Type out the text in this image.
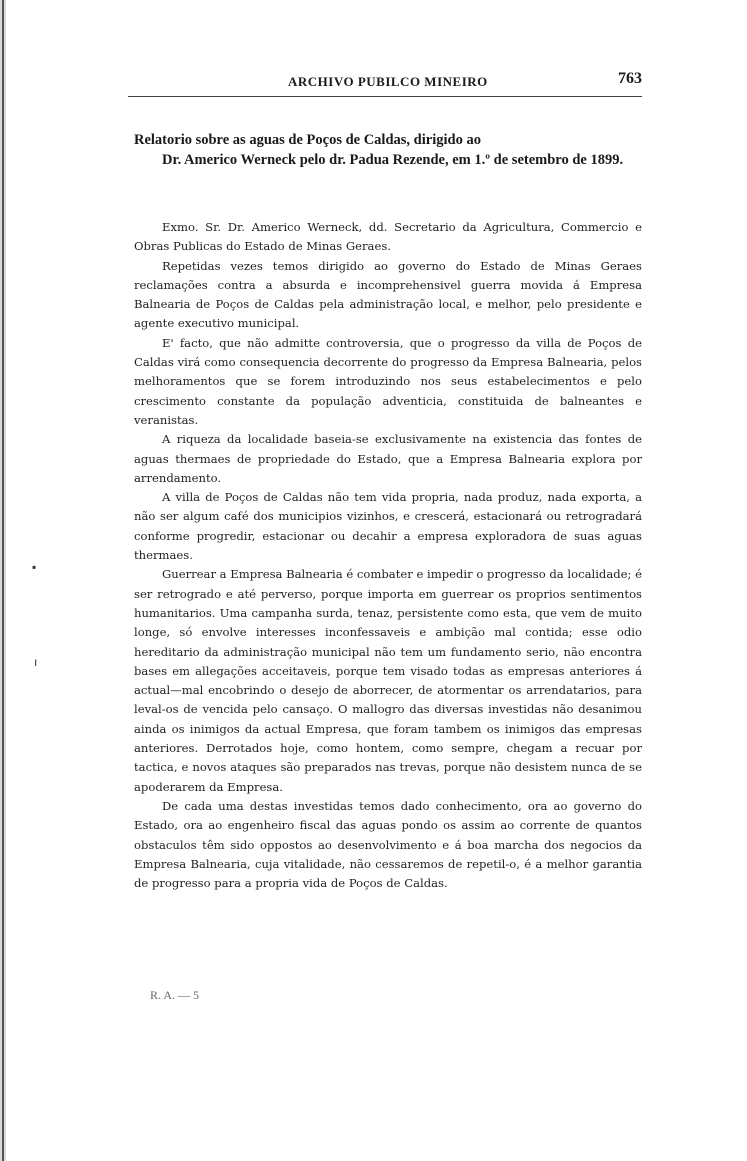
ARCHIVO PUBILCO MINEIRO	763
Relatorio sobre as aguas de Poços de Caldas, dirigido ao
Dr. Americo Werneck pelo dr. Padua Rezende, em 1.º de setembro de 1899.

Exmo. Sr. Dr. Americo Werneck, dd. Secretario da Agricultura, Commercio e Obras Publicas do Estado de Minas Geraes.

Repetidas vezes temos dirigido ao governo do Estado de Minas Geraes reclamações contra a absurda e incomprehensivel guerra movida á Empresa Balnearia de Poços de Caldas pela administração local, e melhor, pelo presidente e agente executivo municipal.

E' facto, que não admitte controversia, que o progresso da villa de Poços de Caldas virá como consequencia decorrente do progresso da Empresa Balnearia, pelos melhoramentos que se forem introduzindo nos seus estabelecimentos e pelo crescimento constante da população adventicia, constituida de balneantes e veranistas.

A riqueza da localidade baseia-se exclusivamente na existencia das fontes de aguas thermaes de propriedade do Estado, que a Empresa Balnearia explora por arrendamento.

A villa de Poços de Caldas não tem vida propria, nada produz, nada exporta, a não ser algum café dos municipios vizinhos, e crescerá, estacionará ou retrogradará conforme progredir, estacionar ou decahir a empresa exploradora de suas aguas thermaes.

Guerrear a Empresa Balnearia é combater e impedir o progresso da localidade; é ser retrogrado e até perverso, porque importa em guerrear os proprios sentimentos humanitarios. Uma campanha surda, tenaz, persistente como esta, que vem de muito longe, só envolve interesses inconfessaveis e ambição mal contida; esse odio hereditario da administração municipal não tem um fundamento serio, não encontra bases em allegações acceitaveis, porque tem visado todas as empresas anteriores á actual—mal encobrindo o desejo de aborrecer, de atormentar os arrendatarios, para leval-os de vencida pelo cansaço. O mallogro das diversas investidas não desanimou ainda os inimigos da actual Empresa, que foram tambem os inimigos das empresas anteriores. Derrotados hoje, como hontem, como sempre, chegam a recuar por tactica, e novos ataques são preparados nas trevas, porque não desistem nunca de se apoderarem da Empresa.

De cada uma destas investidas temos dado conhecimento, ora ao governo do Estado, ora ao engenheiro fiscal das aguas pondo os assim ao corrente de quantos obstaculos têm sido oppostos ao desenvolvimento e á boa marcha dos negocios da Empresa Balnearia, cuja vitalidade, não cessaremos de repetil-o, é a melhor garantia de progresso para a propria vida de Poços de Caldas.

R. A. — 5
▪
ı
